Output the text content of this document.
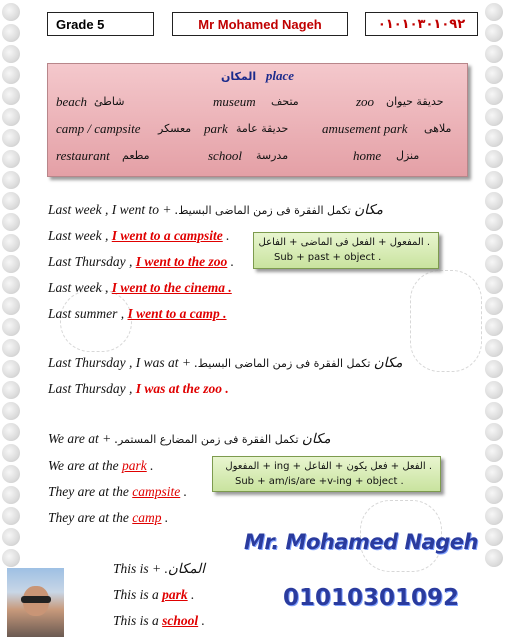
Grade 5	Mr Mohamed Nageh	٠١٠١٠٣٠١٠٩٢
المكان place
beach شاطئ	museum متحف	zoo حديقة حيوان
camp / campsite معسكر park حديقة عامة	amusement park ملاهى
restaurant مطعم	school مدرسة	home منزل
Last week , I went to + .مكان تكمل الفقرة فى زمن الماضى البسيط
Last week , I went to a campsite .
Last Thursday , I went to the zoo .
Last week , I went to the cinema .
Last summer , I went to a camp .
المفعول + الفعل فى الماضى + الفاعل .
Sub + past + object .
Last Thursday , I was at + .مكان تكمل الفقرة فى زمن الماضى البسيط
Last Thursday , I was at the zoo .
We are at + .مكان تكمل الفقرة فى زمن المضارع المستمر
We are at the park .
They are at the campsite .
They are at the camp .
المفعول + ing + الفعل + فعل يكون + الفاعل .
Sub + am/is/are +v-ing + object .
This is + .المكان
This is a park .
This is a school .
Mr. Mohamed Nageh
01010301092
